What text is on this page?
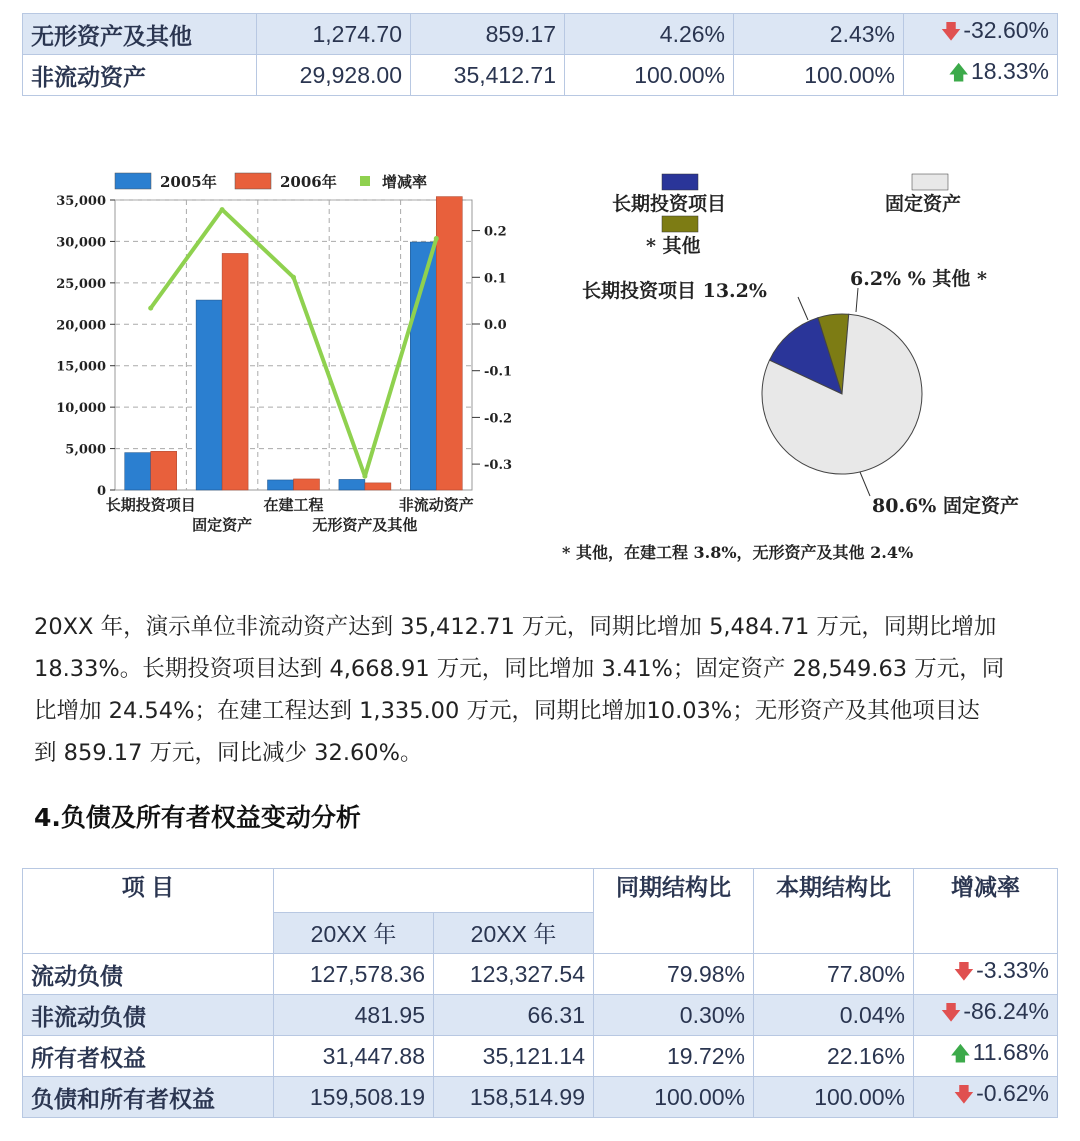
无形资产及其他	1,274.70	859.17	4.26%	2.43%	🡇-32.60%
非流动资产	29,928.00	35,412.71	100.00%	100.00%	🡅18.33%
0
5,000
10,000
15,000
20,000
25,000
30,000
35,000
-0.3
-0.2
-0.1
0.0
0.1
0.2
长期投资项目
固定资产
在建工程
无形资产及其他
非流动资产
2005年	2006年	增减率
长期投资项目
* 其他
固定资产
长期投资项目 13.2%
6.2% % 其他 *
80.6% 固定资产
* 其他，在建工程 3.8%，无形资产及其他 2.4%

20XX 年，演示单位非流动资产达到 35,412.71 万元，同期比增加 5,484.71 万元，同期比增加

18.33%。长期投资项目达到 4,668.91 万元，同比增加 3.41%；固定资产 28,549.63 万元，同

比增加 24.54%；在建工程达到 1,335.00 万元，同期比增加10.03%；无形资产及其他项目达

到 859.17 万元，同比减少 32.60%。

4.负债及所有者权益变动分析
项 目			同期结构比	本期结构比	增减率
	20XX 年	20XX 年			
流动负债	127,578.36	123,327.54	79.98%	77.80%	🡇-3.33%
非流动负债	481.95	66.31	0.30%	0.04%	🡇-86.24%
所有者权益	31,447.88	35,121.14	19.72%	22.16%	🡅11.68%
负债和所有者权益	159,508.19	158,514.99	100.00%	100.00%	🡇-0.62%
